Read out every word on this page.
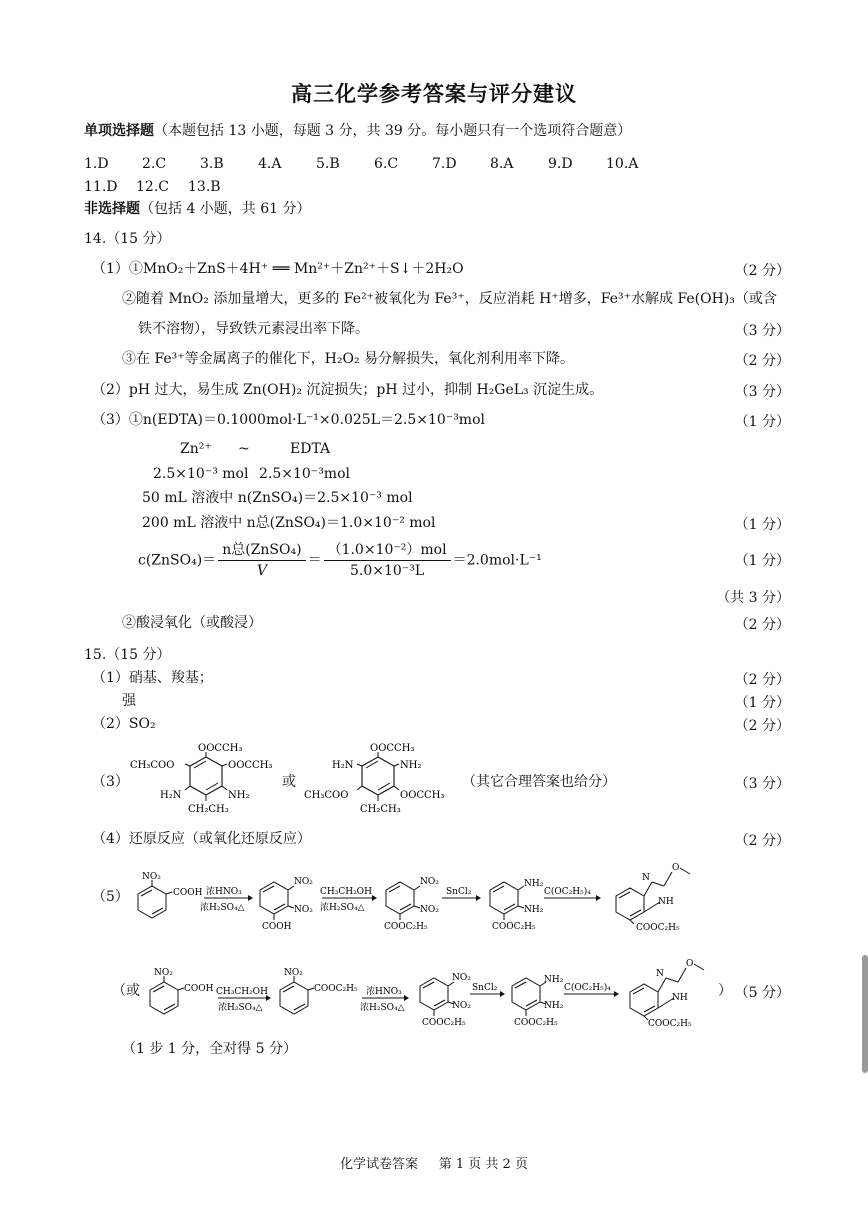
高三化学参考答案与评分建议
单项选择题（本题包括 13 小题，每题 3 分，共 39 分。每小题只有一个选项符合题意）
1.D 2.C 3.B 4.A 5.B 6.C 7.D 8.A 9.D 10.A
11.D 12.C 13.B
非选择题（包括 4 小题，共 61 分）
14.（15 分）
（1）①MnO₂＋ZnS＋4H⁺ ══ Mn²⁺＋Zn²⁺＋S↓＋2H₂O	（2 分）
②随着 MnO₂ 添加量增大，更多的 Fe²⁺被氧化为 Fe³⁺，反应消耗 H⁺增多，Fe³⁺水解成 Fe(OH)₃（或含
铁不溶物），导致铁元素浸出率下降。	（3 分）
③在 Fe³⁺等金属离子的催化下，H₂O₂ 易分解损失，氧化剂利用率下降。	（2 分）
（2）pH 过大，易生成 Zn(OH)₂ 沉淀损失；pH 过小，抑制 H₂GeL₃ 沉淀生成。	（3 分）
（3）①n(EDTA)＝0.1000mol·L⁻¹×0.025L＝2.5×10⁻³mol	（1 分）
Zn²⁺ ~	EDTA
2.5×10⁻³ mol 2.5×10⁻³mol
50 mL 溶液中 n(ZnSO₄)＝2.5×10⁻³ mol
200 mL 溶液中 n总(ZnSO₄)＝1.0×10⁻² mol	（1 分）
c(ZnSO₄)＝ $\frac{\text{n总(ZnSO₄)}}{V} = \frac{\text{（1.0×10⁻²）mol}}{\text{5.0×10⁻³L}} =2.0mol\cdot L^{-1}$	（1 分）
（共 3 分）
②酸浸氧化（或酸浸）	（2 分）
15.（15 分）
（1）硝基、羧基；	（2 分）
强	（1 分）
（2）SO₂	（2 分）
（3）
OOCCH₃
CH₃COO	OOCCH₃
H₂N	NH₂
CH₂CH₃
或
OOCCH₃
H₂N	NH₂
CH₃COO	OOCCH₃
CH₂CH₃
（其它合理答案也给分）	（3 分）
（4）还原反应（或氧化还原反应）	（2 分）
（5）
NO₂
COOH 浓HNO₃
浓H₂SO₄△
NO₂
NO₂
COOH
CH₃CH₂OH
浓H₂SO₄△
NO₂
NO₂
COOC₂H₅
SnCl₂
NH₂
NH₂
COOC₂H₅
C(OC₂H₅)₄
N
O
NH
COOC₂H₅
（或	） （5 分）
NO₂
COOH CH₃CH₂OH
浓H₂SO₄△
NO₂
COOC₂H₅ 浓HNO₃
浓H₂SO₄△
NO₂
NO₂
COOC₂H₅
SnCl₂
NH₂
NH₂
COOC₂H₅
C(OC₂H₅)₄
N
O
NH
COOC₂H₅
（1 步 1 分，全对得 5 分）
化学试卷答案 第 1 页 共 2 页
